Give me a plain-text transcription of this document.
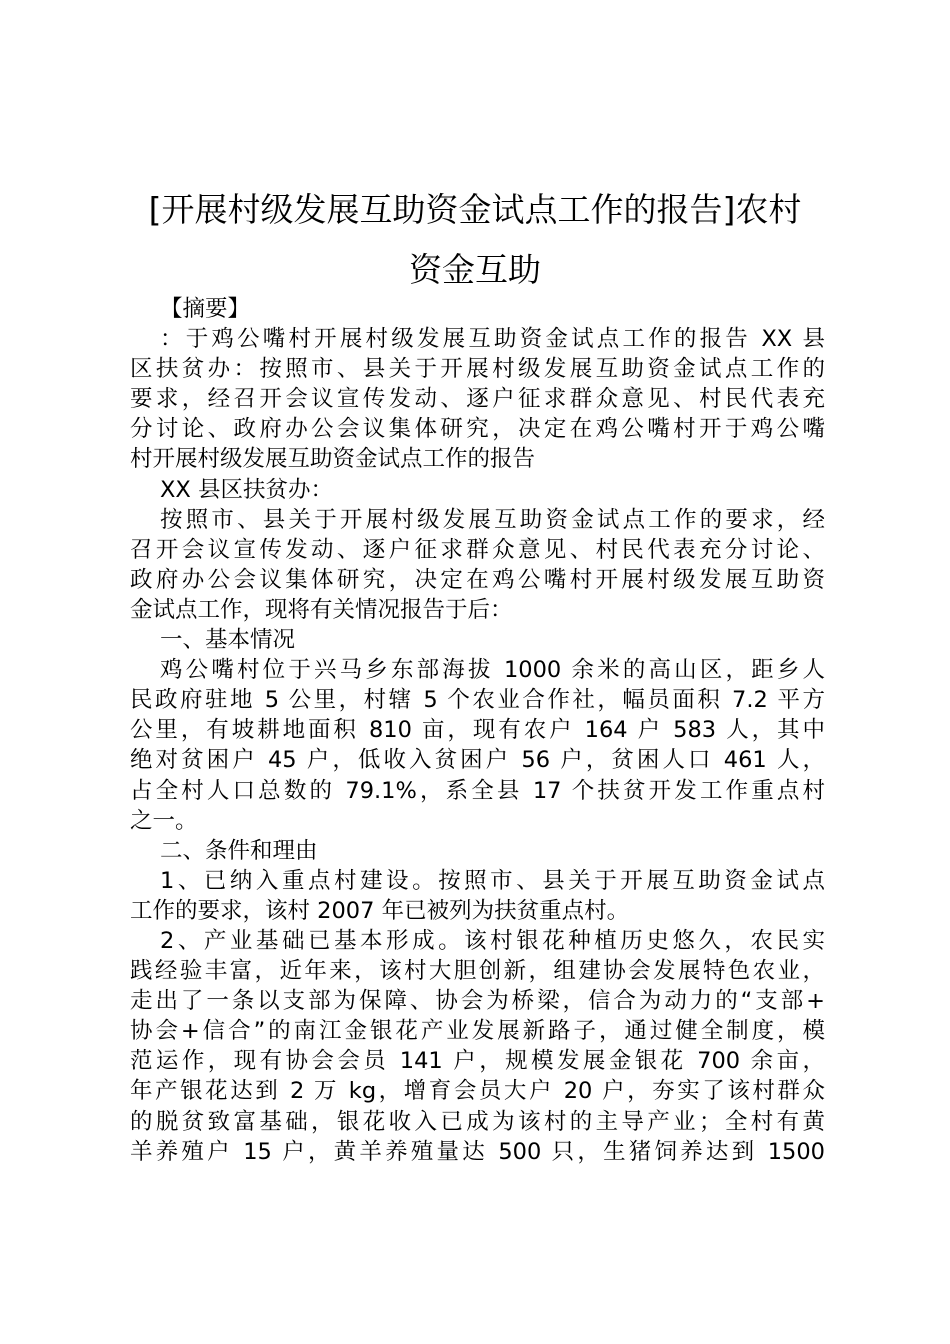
[开展村级发展互助资金试点工作的报告]农村
资金互助
【摘要】
：于鸡公嘴村开展村级发展互助资金试点工作的报告 XX 县
区扶贫办：按照市、县关于开展村级发展互助资金试点工作的
要求，经召开会议宣传发动、逐户征求群众意见、村民代表充
分讨论、政府办公会议集体研究，决定在鸡公嘴村开于鸡公嘴
村开展村级发展互助资金试点工作的报告
XX 县区扶贫办：
按照市、县关于开展村级发展互助资金试点工作的要求，经
召开会议宣传发动、逐户征求群众意见、村民代表充分讨论、
政府办公会议集体研究，决定在鸡公嘴村开展村级发展互助资
金试点工作，现将有关情况报告于后：
一、基本情况
鸡公嘴村位于兴马乡东部海拔 1000 余米的高山区，距乡人
民政府驻地 5 公里，村辖 5 个农业合作社，幅员面积 7.2 平方
公里，有坡耕地面积 810 亩，现有农户 164 户 583 人，其中
绝对贫困户 45 户，低收入贫困户 56 户，贫困人口 461 人，
占全村人口总数的 79.1%，系全县 17 个扶贫开发工作重点村
之一。
二、条件和理由
1、已纳入重点村建设。按照市、县关于开展互助资金试点
工作的要求，该村 2007 年已被列为扶贫重点村。
2、产业基础已基本形成。该村银花种植历史悠久，农民实
践经验丰富，近年来，该村大胆创新，组建协会发展特色农业，
走出了一条以支部为保障、协会为桥梁，信合为动力的“支部+
协会+信合”的南江金银花产业发展新路子，通过健全制度，模
范运作，现有协会会员 141 户，规模发展金银花 700 余亩，
年产银花达到 2 万 kg，增育会员大户 20 户，夯实了该村群众
的脱贫致富基础，银花收入已成为该村的主导产业；全村有黄
羊养殖户 15 户，黄羊养殖量达 500 只，生猪饲养达到 1500
